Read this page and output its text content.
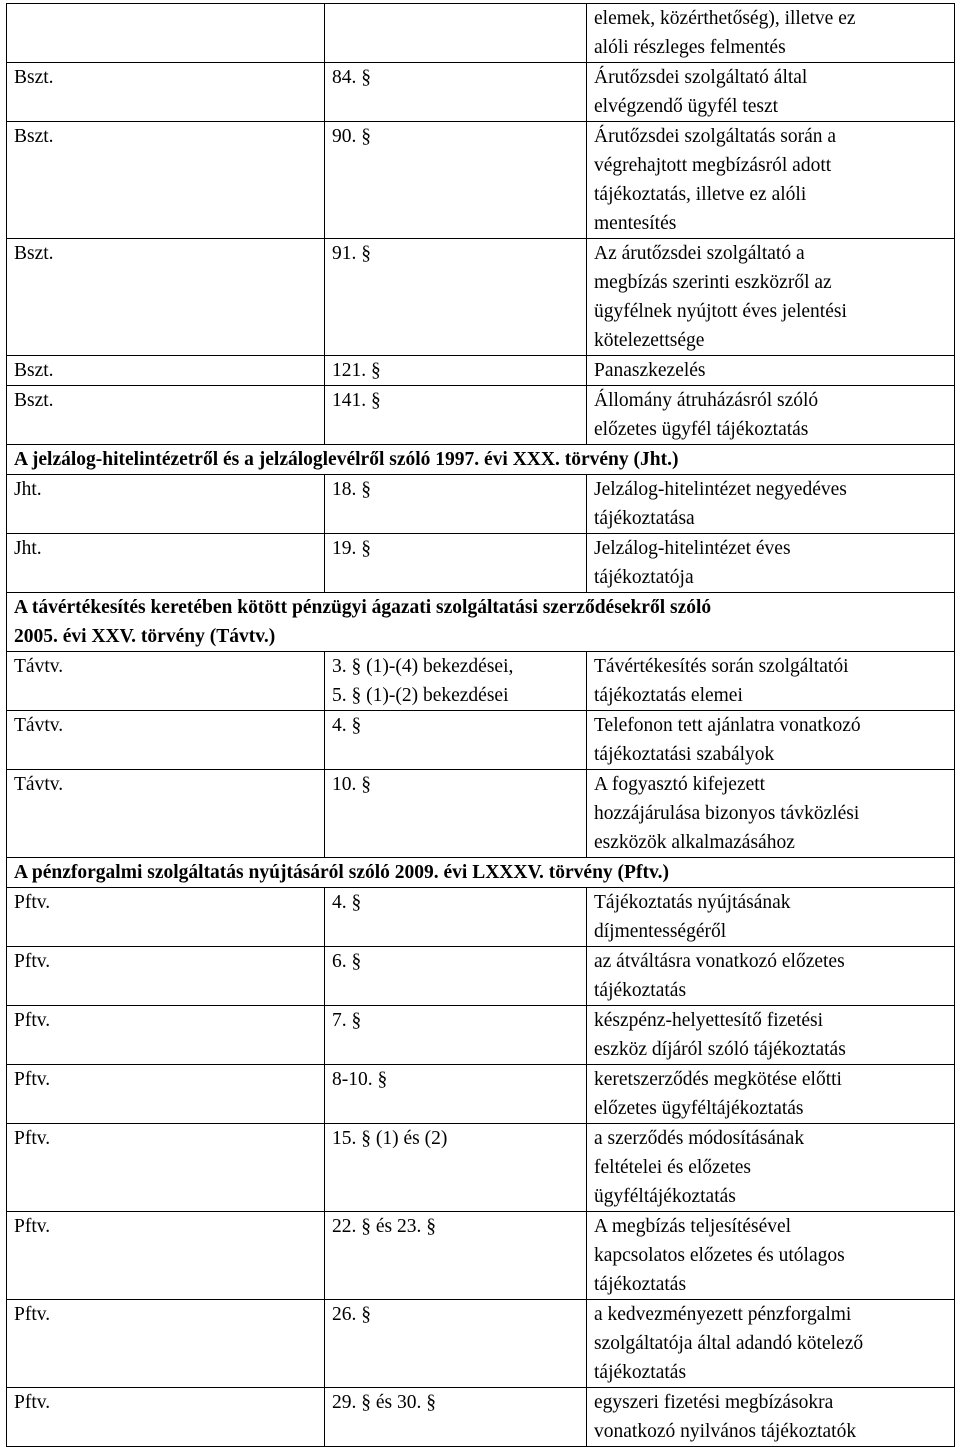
		elemek, közérthetőség), illetve ez
alóli részleges felmentés
Bszt.	84. §	Árutőzsdei szolgáltató által
elvégzendő ügyfél teszt
Bszt.	90. §	Árutőzsdei szolgáltatás során a
végrehajtott megbízásról adott
tájékoztatás, illetve ez alóli
mentesítés
Bszt.	91. §	Az árutőzsdei szolgáltató a
megbízás szerinti eszközről az
ügyfélnek nyújtott éves jelentési
kötelezettsége
Bszt.	121. §	Panaszkezelés
Bszt.	141. §	Állomány átruházásról szóló
előzetes ügyfél tájékoztatás
A jelzálog-hitelintézetről és a jelzáloglevélről szóló 1997. évi XXX. törvény (Jht.)		
Jht.	18. §	Jelzálog-hitelintézet negyedéves
tájékoztatása
Jht.	19. §	Jelzálog-hitelintézet éves
tájékoztatója
A távértékesítés keretében kötött pénzügyi ágazati szolgáltatási szerződésekről szóló
2005. évi XXV. törvény (Távtv.)		
Távtv.	3. § (1)-(4) bekezdései,
5. § (1)-(2) bekezdései	Távértékesítés során szolgáltatói
tájékoztatás elemei
Távtv.	4. §	Telefonon tett ajánlatra vonatkozó
tájékoztatási szabályok
Távtv.	10. §	A fogyasztó kifejezett
hozzájárulása bizonyos távközlési
eszközök alkalmazásához
A pénzforgalmi szolgáltatás nyújtásáról szóló 2009. évi LXXXV. törvény (Pftv.)		
Pftv.	4. §	Tájékoztatás nyújtásának
díjmentességéről
Pftv.	6. §	az átváltásra vonatkozó előzetes
tájékoztatás
Pftv.	7. §	készpénz-helyettesítő fizetési
eszköz díjáról szóló tájékoztatás
Pftv.	8-10. §	keretszerződés megkötése előtti
előzetes ügyféltájékoztatás
Pftv.	15. § (1) és (2)	a szerződés módosításának
feltételei és előzetes
ügyféltájékoztatás
Pftv.	22. § és 23. §	A megbízás teljesítésével
kapcsolatos előzetes és utólagos
tájékoztatás
Pftv.	26. §	a kedvezményezett pénzforgalmi
szolgáltatója által adandó kötelező
tájékoztatás
Pftv.	29. § és 30. §	egyszeri fizetési megbízásokra
vonatkozó nyilvános tájékoztatók
